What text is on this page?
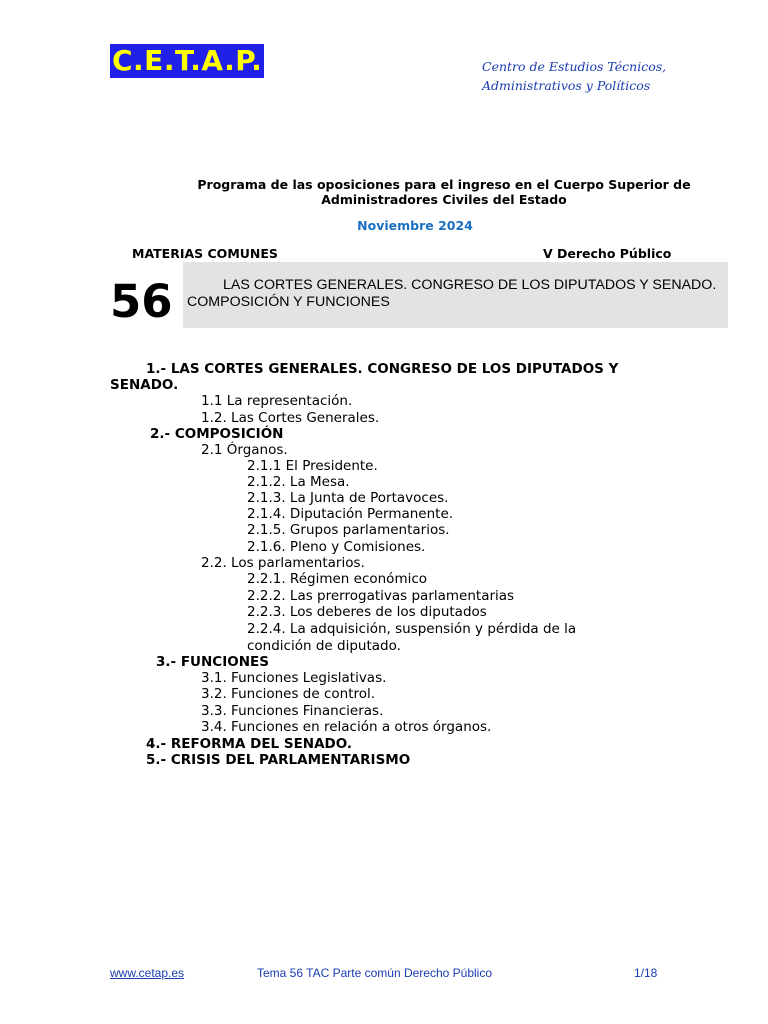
C.E.T.A.P.	Centro de Estudios Técnicos,
Administrativos y Políticos
Programa de las oposiciones para el ingreso en el Cuerpo Superior de
Administradores Civiles del Estado
Noviembre 2024
MATERIAS COMUNES	V Derecho Público
56	LAS CORTES GENERALES. CONGRESO DE LOS DIPUTADOS Y SENADO.
COMPOSICIÓN Y FUNCIONES
1.- LAS CORTES GENERALES. CONGRESO DE LOS DIPUTADOS Y
SENADO.
1.1 La representación.
1.2. Las Cortes Generales.
2.- COMPOSICIÓN
2.1 Órganos.
2.1.1 El Presidente.
2.1.2. La Mesa.
2.1.3. La Junta de Portavoces.
2.1.4. Diputación Permanente.
2.1.5. Grupos parlamentarios.
2.1.6. Pleno y Comisiones.
2.2. Los parlamentarios.
2.2.1. Régimen económico
2.2.2. Las prerrogativas parlamentarias
2.2.3. Los deberes de los diputados
2.2.4. La adquisición, suspensión y pérdida de la
condición de diputado.
3.- FUNCIONES
3.1. Funciones Legislativas.
3.2. Funciones de control.
3.3. Funciones Financieras.
3.4. Funciones en relación a otros órganos.
4.- REFORMA DEL SENADO.
5.- CRISIS DEL PARLAMENTARISMO
www.cetap.es	Tema 56 TAC Parte común Derecho Público	1/18
